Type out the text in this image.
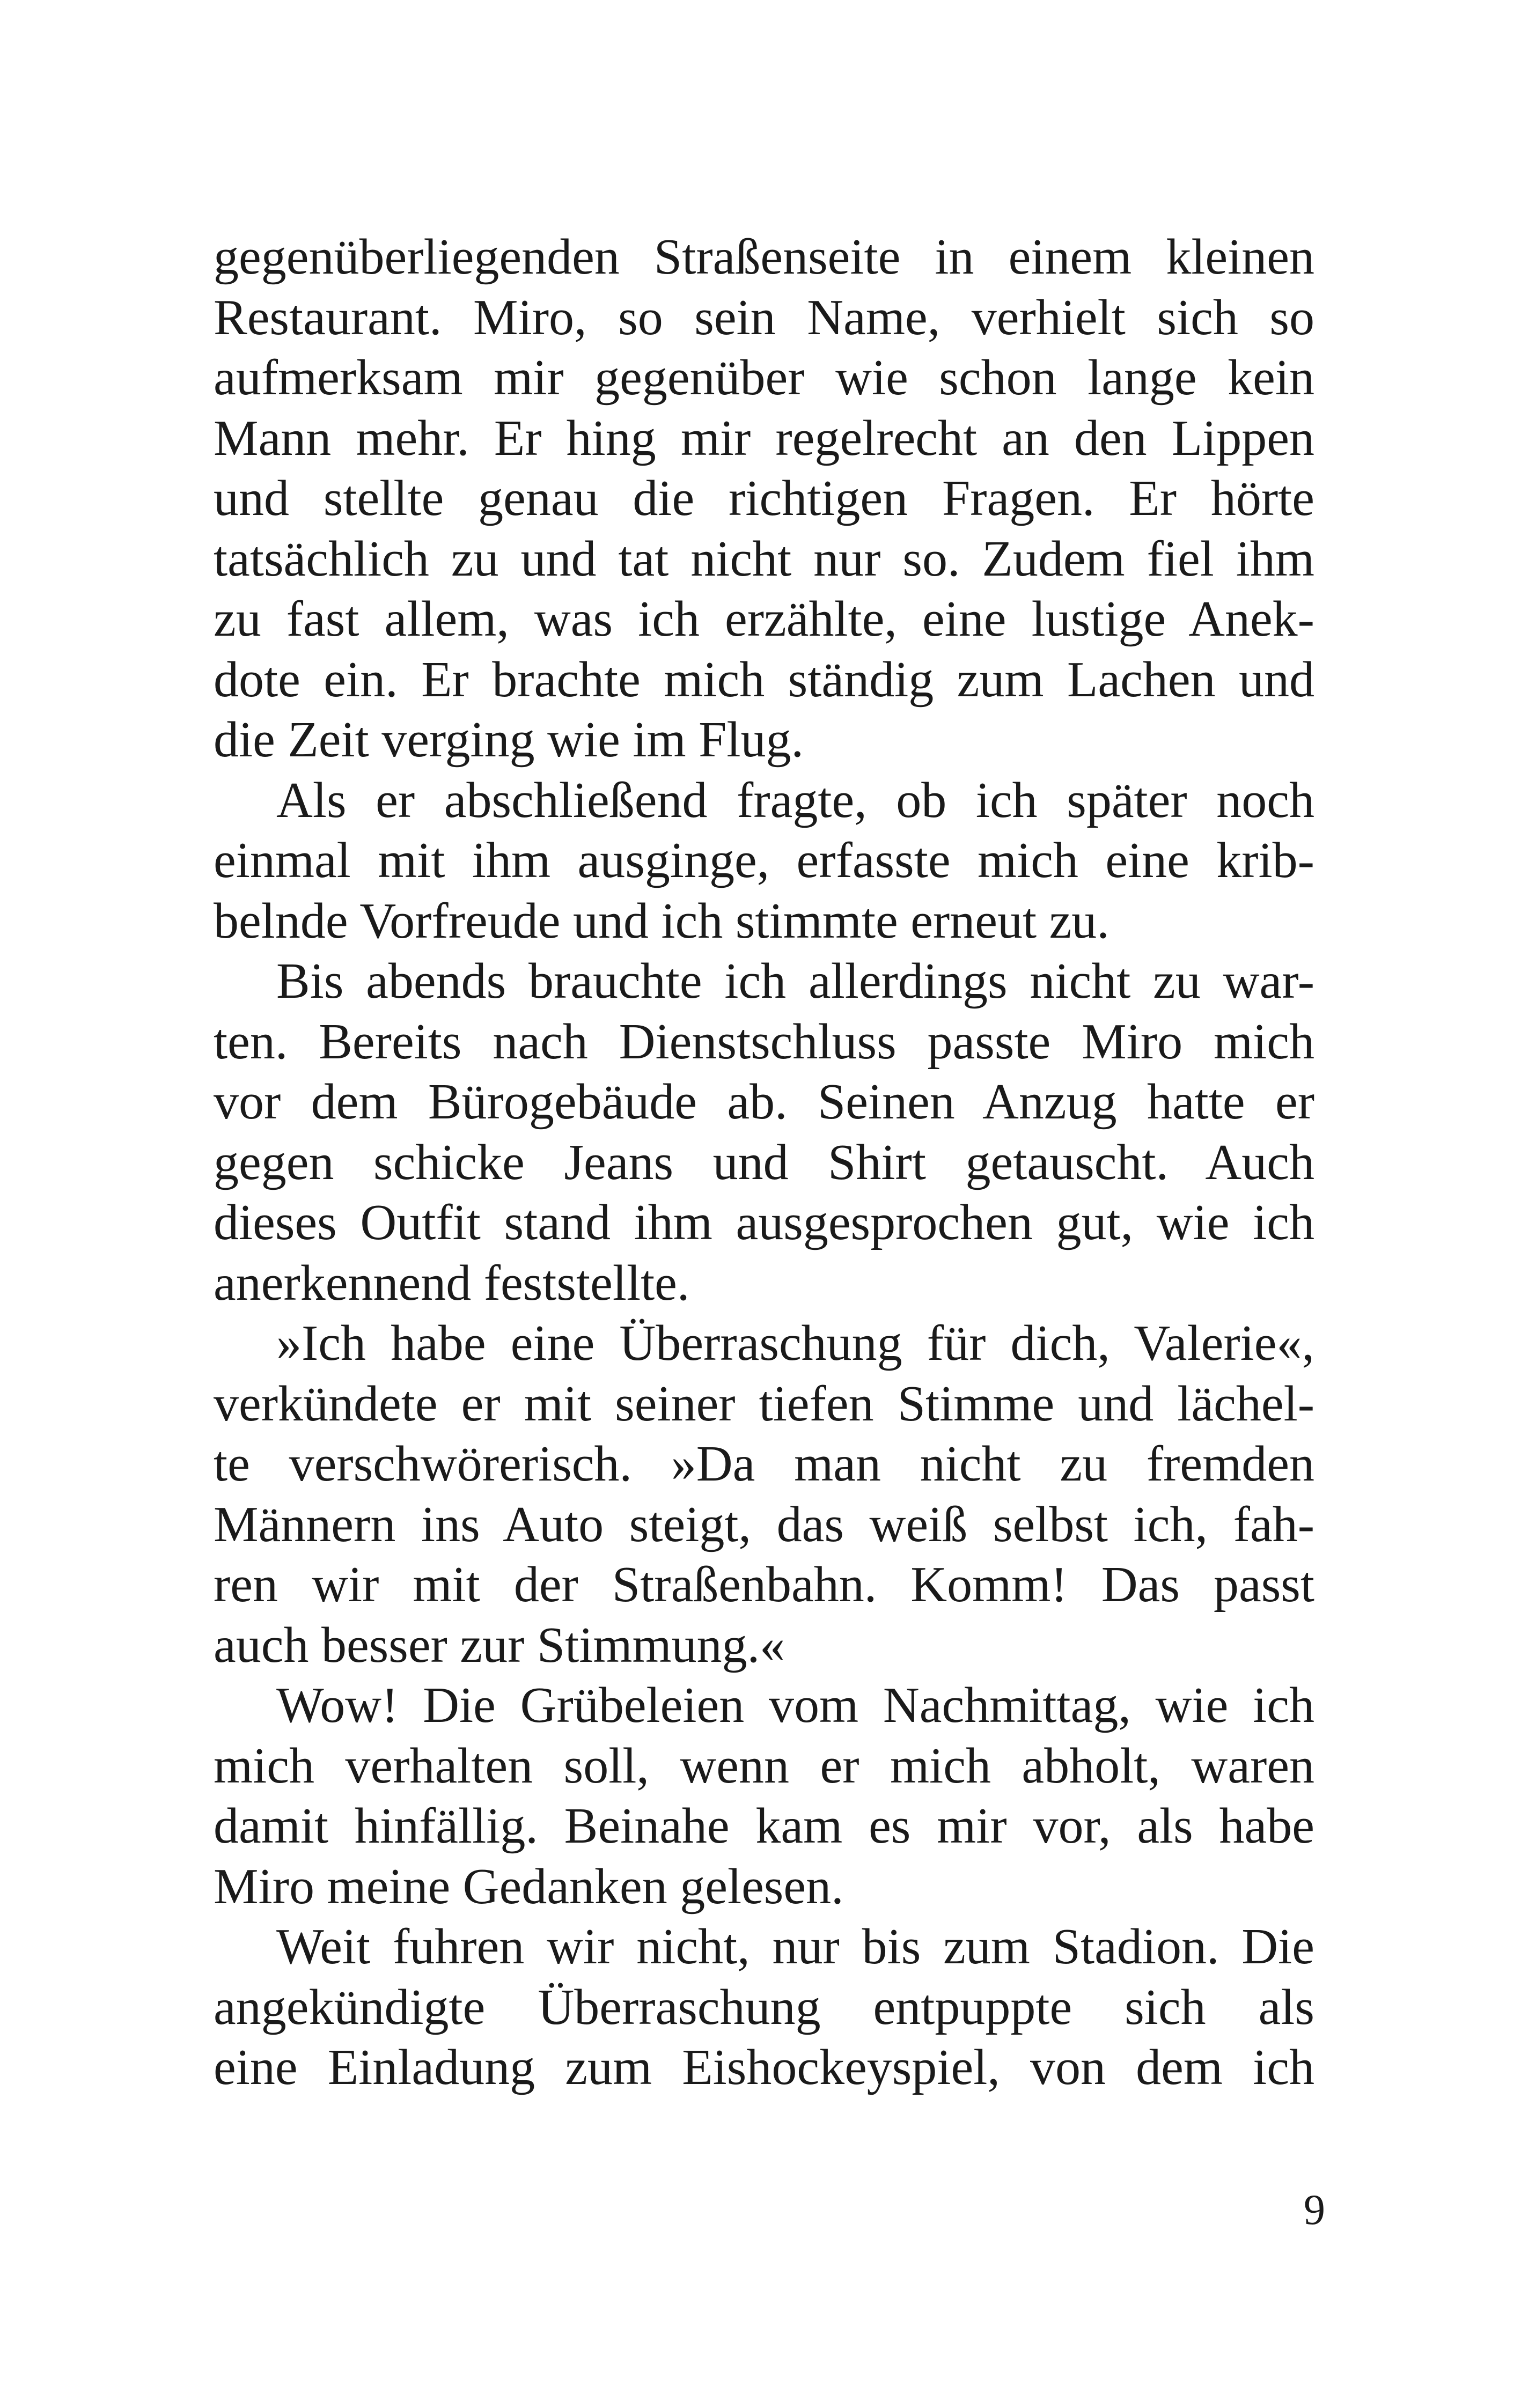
gegenüberliegenden Straßenseite in einem kleinen
Restaurant. Miro, so sein Name, verhielt sich so
aufmerksam mir gegenüber wie schon lange kein
Mann mehr. Er hing mir regelrecht an den Lippen
und stellte genau die richtigen Fragen. Er hörte
tatsächlich zu und tat nicht nur so. Zudem fiel ihm
zu fast allem, was ich erzählte, eine lustige Anek-
dote ein. Er brachte mich ständig zum Lachen und
die Zeit verging wie im Flug.
Als er abschließend fragte, ob ich später noch
einmal mit ihm ausginge, erfasste mich eine krib-
belnde Vorfreude und ich stimmte erneut zu.
Bis abends brauchte ich allerdings nicht zu war-
ten. Bereits nach Dienstschluss passte Miro mich
vor dem Bürogebäude ab. Seinen Anzug hatte er
gegen schicke Jeans und Shirt getauscht. Auch
dieses Outfit stand ihm ausgesprochen gut, wie ich
anerkennend feststellte.
»Ich habe eine Überraschung für dich, Valerie«,
verkündete er mit seiner tiefen Stimme und lächel-
te verschwörerisch. »Da man nicht zu fremden
Männern ins Auto steigt, das weiß selbst ich, fah-
ren wir mit der Straßenbahn. Komm! Das passt
auch besser zur Stimmung.«
Wow! Die Grübeleien vom Nachmittag, wie ich
mich verhalten soll, wenn er mich abholt, waren
damit hinfällig. Beinahe kam es mir vor, als habe
Miro meine Gedanken gelesen.
Weit fuhren wir nicht, nur bis zum Stadion. Die
angekündigte Überraschung entpuppte sich als
eine Einladung zum Eishockeyspiel, von dem ich
9
